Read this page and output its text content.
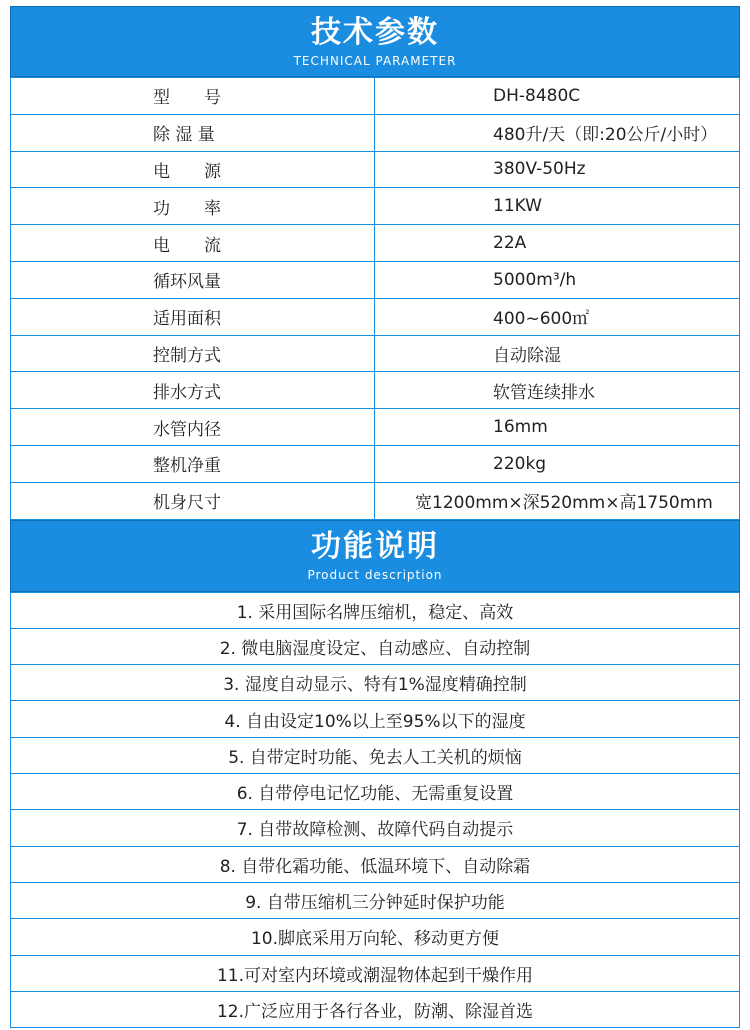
技术参数
TECHNICAL PARAMETER
型　　号	DH-8480C
除 湿 量	480升/天（即:20公斤/小时）
电　　源	380V-50Hz
功　　率	11KW
电　　流	22A
循环风量	5000m³/h
适用面积	400~600㎡
控制方式	自动除湿
排水方式	软管连续排水
水管内径	16mm
整机净重	220kg
机身尺寸	宽1200mm×深520mm×高1750mm
功能说明
Product description
1. 采用国际名牌压缩机，稳定、高效
2. 微电脑湿度设定、自动感应、自动控制
3. 湿度自动显示、特有1%湿度精确控制
4. 自由设定10%以上至95%以下的湿度
5. 自带定时功能、免去人工关机的烦恼
6. 自带停电记忆功能、无需重复设置
7. 自带故障检测、故障代码自动提示
8. 自带化霜功能、低温环境下、自动除霜
9. 自带压缩机三分钟延时保护功能
10.脚底采用万向轮、移动更方便
11.可对室内环境或潮湿物体起到干燥作用
12.广泛应用于各行各业，防潮、除湿首选
